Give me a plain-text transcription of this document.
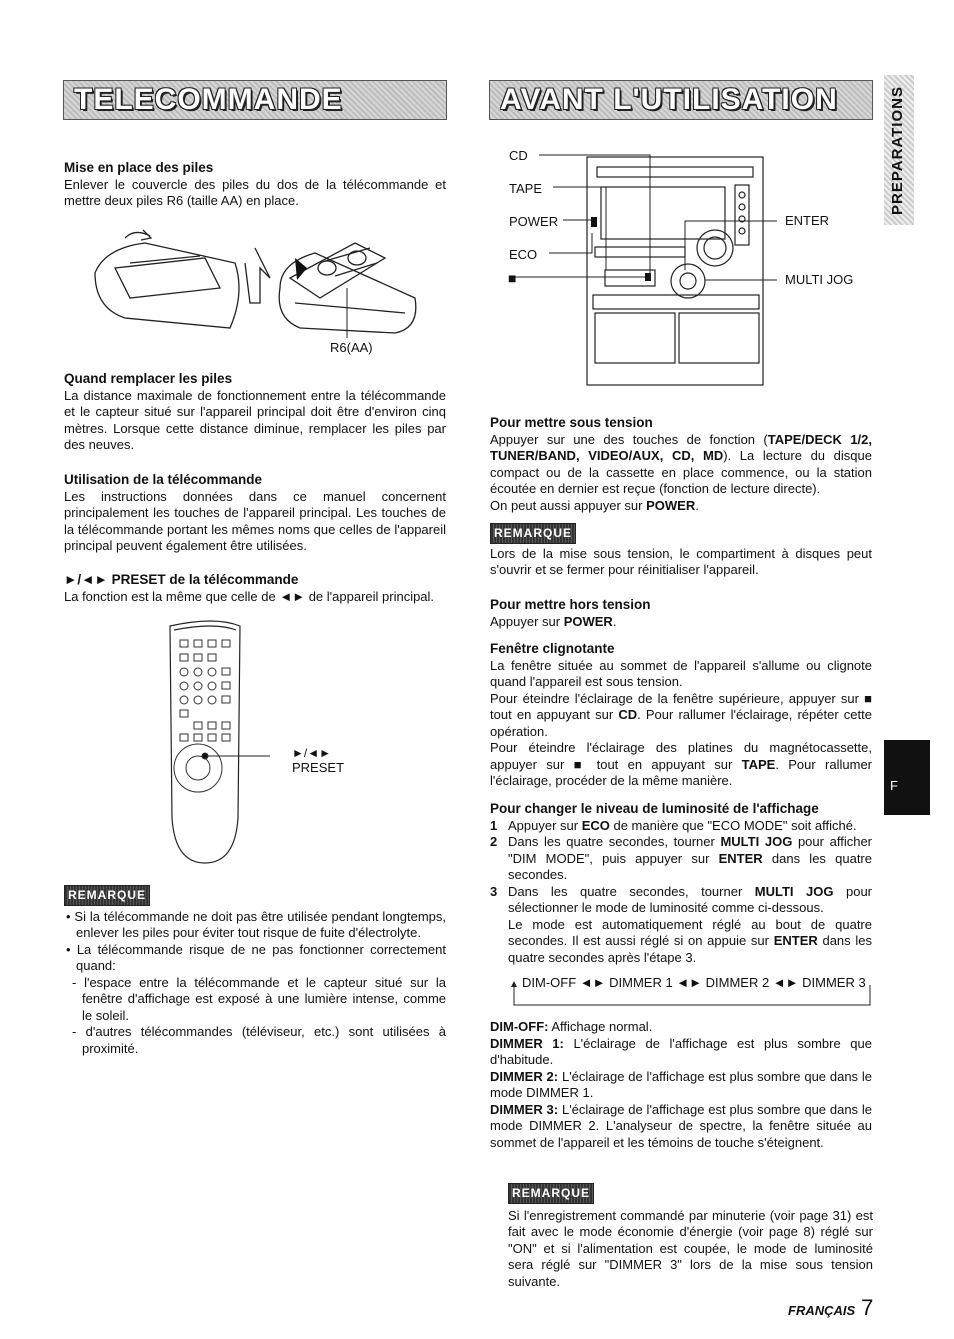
TELECOMMANDE	AVANT L'UTILISATION	PREPARATIONS
F
Mise en place des piles

Enlever le couvercle des piles du dos de la télécommande et mettre deux piles R6 (taille AA) en place.

R6(AA)
Quand remplacer les piles

La distance maximale de fonctionnement entre la télécommande et le capteur situé sur l'appareil principal doit être d'environ cinq mètres. Lorsque cette distance diminue, remplacer les piles par des neuves.

Utilisation de la télécommande

Les instructions données dans ce manuel concernent principalement les touches de l'appareil principal. Les touches de la télécommande portant les mêmes noms que celles de l'appareil principal peuvent également être utilisées.

►/◄► PRESET de la télécommande

La fonction est la même que celle de ◄► de l'appareil principal.

►/◄►
PRESET
REMARQUE

• Si la télécommande ne doit pas être utilisée pendant longtemps, enlever les piles pour éviter tout risque de fuite d'électrolyte.

• La télécommande risque de ne pas fonctionner correctement quand:

- l'espace entre la télécommande et le capteur situé sur la fenêtre d'affichage est exposé à une lumière intense, comme le soleil.

- d'autres télécommandes (téléviseur, etc.) sont utilisées à proximité.

CD
TAPE
POWER
ECO
■
ENTER
MULTI JOG
Pour mettre sous tension

Appuyer sur une des touches de fonction (TAPE/DECK 1/2, TUNER/BAND, VIDEO/AUX, CD, MD). La lecture du disque compact ou de la cassette en place commence, ou la station écoutée en dernier est reçue (fonction de lecture directe).

On peut aussi appuyer sur POWER.

REMARQUE

Lors de la mise sous tension, le compartiment à disques peut s'ouvrir et se fermer pour réinitialiser l'appareil.

Pour mettre hors tension

Appuyer sur POWER.

Fenêtre clignotante

La fenêtre située au sommet de l'appareil s'allume ou clignote quand l'appareil est sous tension.

Pour éteindre l'éclairage de la fenêtre supérieure, appuyer sur ■ tout en appuyant sur CD. Pour rallumer l'éclairage, répéter cette opération.

Pour éteindre l'éclairage des platines du magnétocassette, appuyer sur ■ tout en appuyant sur TAPE. Pour rallumer l'éclairage, procéder de la même manière.

Pour changer le niveau de luminosité de l'affichage

1 Appuyer sur ECO de manière que "ECO MODE" soit affiché.

2 Dans les quatre secondes, tourner MULTI JOG pour afficher "DIM MODE", puis appuyer sur ENTER dans les quatre secondes.

3 Dans les quatre secondes, tourner MULTI JOG pour sélectionner le mode de luminosité comme ci-dessous.

Le mode est automatiquement réglé au bout de quatre secondes. Il est aussi réglé si on appuie sur ENTER dans les quatre secondes après l'étape 3.

DIM-OFF ◄► DIMMER 1 ◄► DIMMER 2 ◄► DIMMER 3

DIM-OFF: Affichage normal.

DIMMER 1: L'éclairage de l'affichage est plus sombre que d'habitude.

DIMMER 2: L'éclairage de l'affichage est plus sombre que dans le mode DIMMER 1.

DIMMER 3: L'éclairage de l'affichage est plus sombre que dans le mode DIMMER 2. L'analyseur de spectre, la fenêtre située au sommet de l'appareil et les témoins de touche s'éteignent.

REMARQUE

Si l'enregistrement commandé par minuterie (voir page 31) est fait avec le mode économie d'énergie (voir page 8) réglé sur "ON" et si l'alimentation est coupée, le mode de luminosité sera réglé sur "DIMMER 3" lors de la mise sous tension suivante.

FRANÇAIS 7
